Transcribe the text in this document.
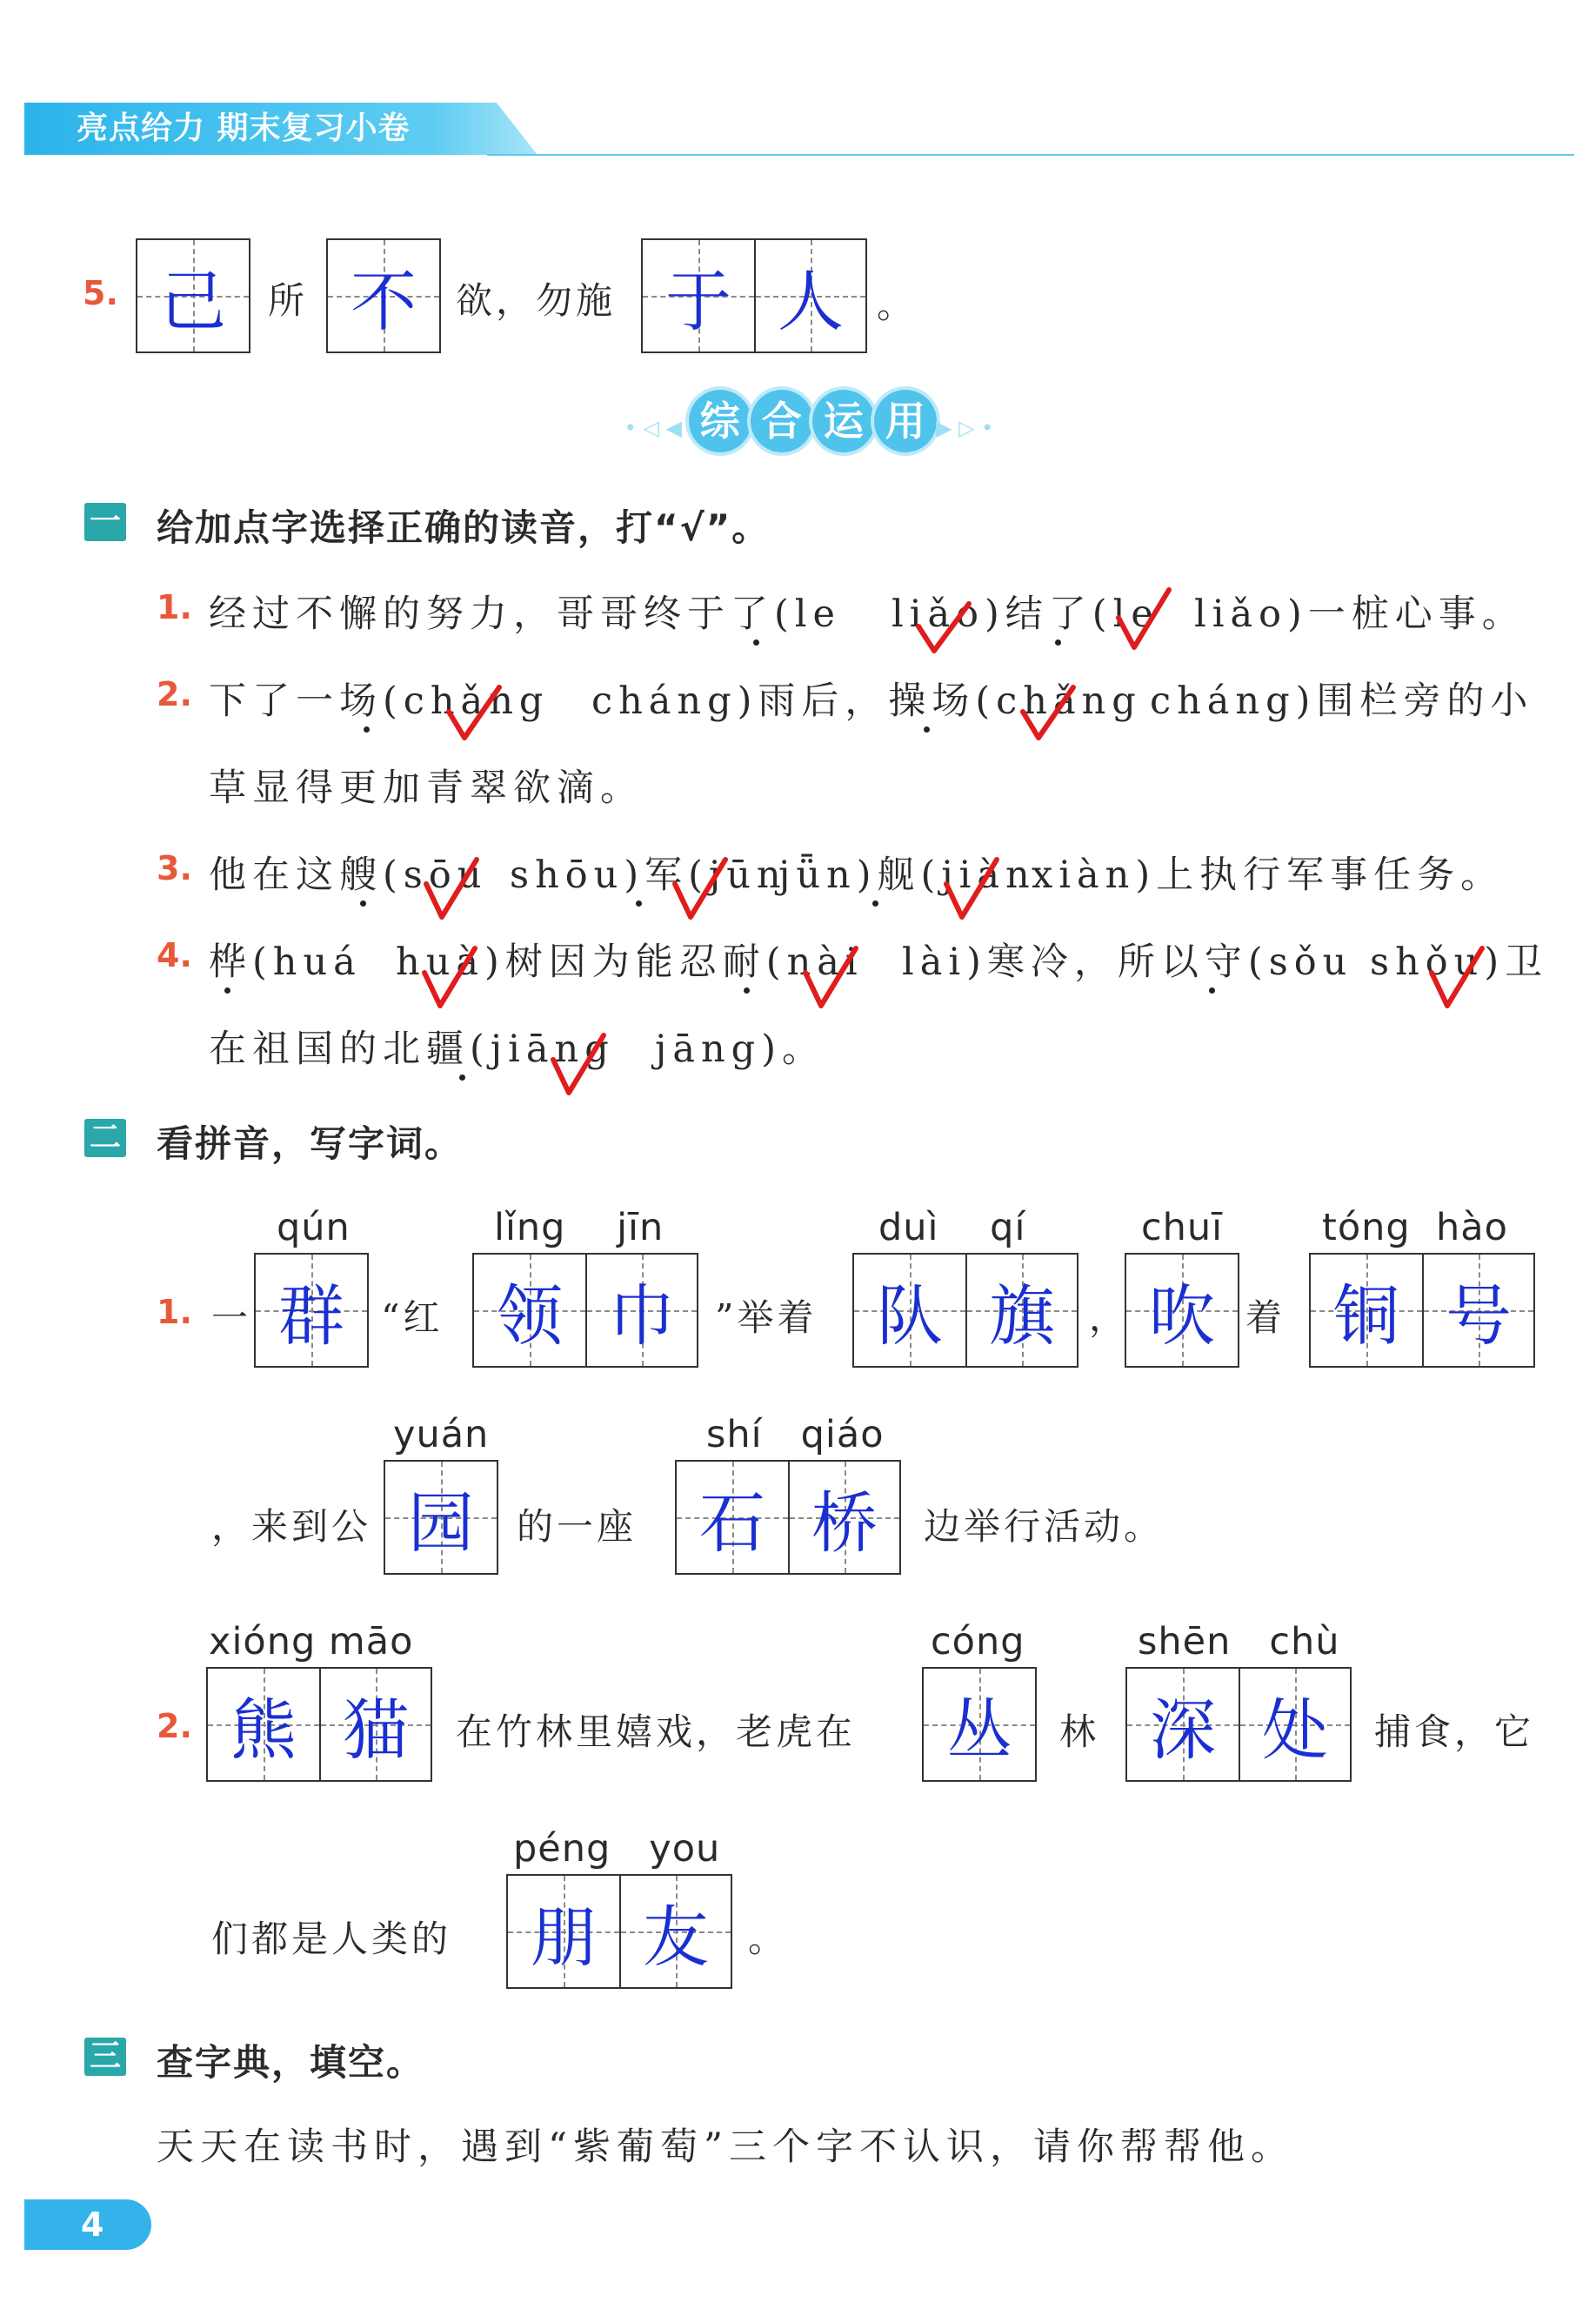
亮点给力 期末复习小卷
5. 己	所 不	欲，勿施 于 人 。
• ◁ ◀ 综 合 运 用 ▶ ▷ •
一 给加点字选择正确的读音，打“√”。
1. 经过不懈的努力，哥哥终于了(le liǎo)结了(le liǎo)一桩心事。
2. 下了一场(chǎng cháng)雨后，操场(chǎng cháng)围栏旁的小
草显得更加青翠欲滴。
3. 他在这艘(sōu shōu)军(jūn
jǖn)舰(jiàn
xiàn)上执行军事任务。
4. 桦(huá huà)树因为能忍耐(nài lài)寒冷，所以守(sǒu shǒu)卫
在祖国的北疆(jiāng jāng)。
二 看拼音，写字词。
1. 一
qún
群	“红
lǐng    jīn
领 巾	”举着
duì    qí
队 旗 ，
chuī
吹 着
tóng  hào
铜 号
，来到公
yuán
园	的一座
shí   qiáo
石 桥	边举行活动。
2.
xióng māo
熊 猫	在竹林里嬉戏，老虎在
cóng
丛	林
shēn   chù
深 处	捕食，它
们都是人类的
péng   you
朋 友	。
三 查字典，填空。
天天在读书时，遇到“紫葡萄”三个字不认识，请你帮帮他。
4
